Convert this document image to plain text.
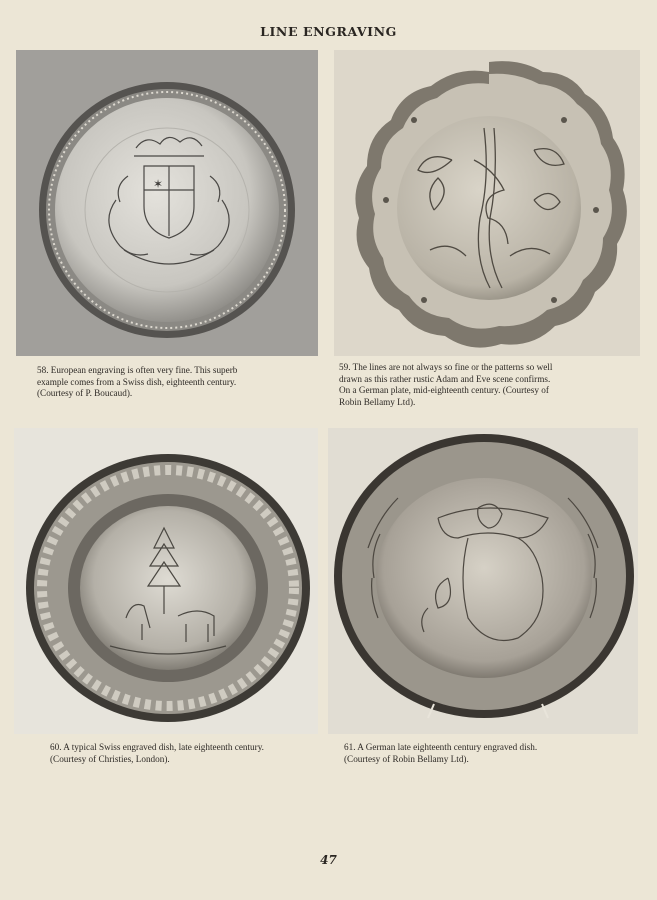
LINE ENGRAVING
✶
58. European engraving is often very fine. This superb
example comes from a Swiss dish, eighteenth century.
(Courtesy of P. Boucaud).
59. The lines are not always so fine or the patterns so well
drawn as this rather rustic Adam and Eve scene confirms.
On a German plate, mid-eighteenth century. (Courtesy of
Robin Bellamy Ltd).
60. A typical Swiss engraved dish, late eighteenth century.
(Courtesy of Christies, London).
61. A German late eighteenth century engraved dish.
(Courtesy of Robin Bellamy Ltd).
47
